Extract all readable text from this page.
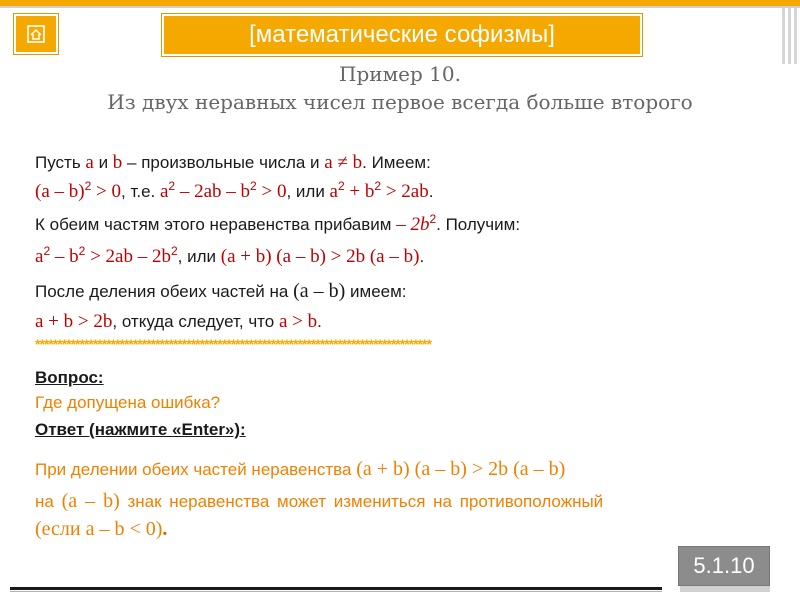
[математические софизмы]
Пример 10.
Из двух неравных чисел первое всегда больше второго
Пусть a и b – произвольные числа и a ≠ b. Имеем:
(a – b)$^2$ > 0, т.е. $a^2 - 2ab - b^2 > 0$, или $a^2 + b^2 > 2ab$.
К обеим частям этого неравенства прибавим – $2b^2$. Получим:
$a^2 - b^2 > 2ab - 2b^2$, или (a + b) (a – b) > 2b (a – b).
После деления обеих частей на (a – b) имеем:
a + b > 2b, откуда следует, что a > b.
*****************************************************************************************
Вопрос:
Где допущена ошибка?
Ответ (нажмите «Enter»):
При делении обеих частей неравенства (a + b) (a – b) > 2b (a – b)
на (a – b) знак неравенства может измениться на противоположный
(если a – b < 0).
5.1.10
